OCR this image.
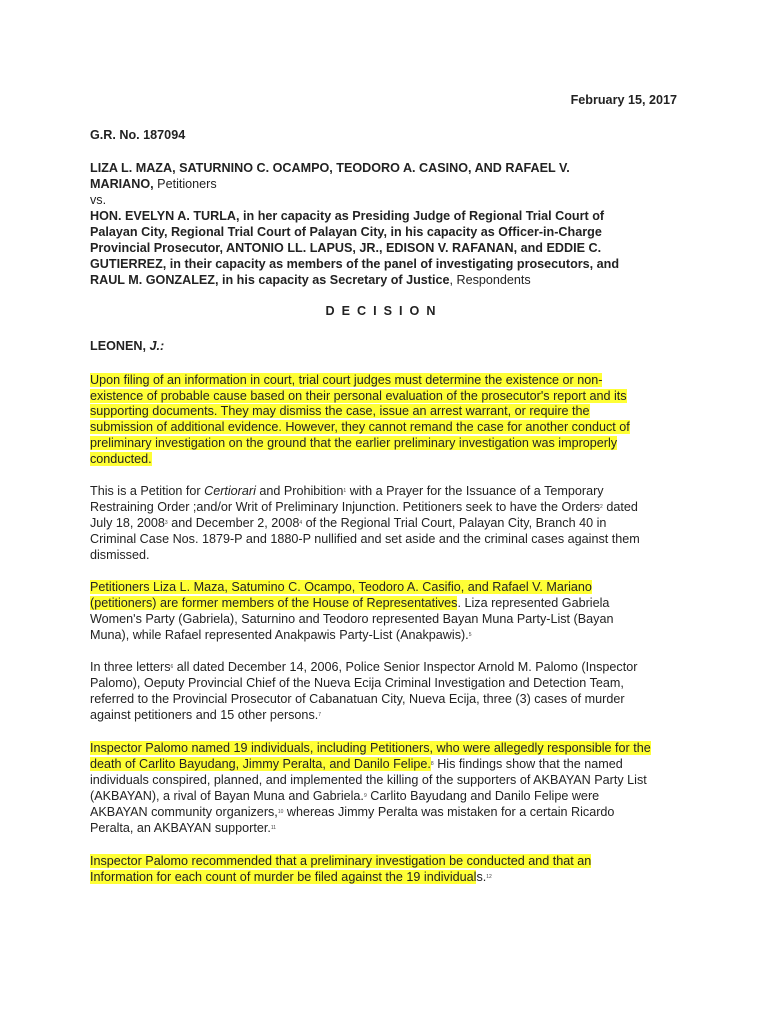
February 15, 2017
G.R. No. 187094
LIZA L. MAZA, SATURNINO C. OCAMPO, TEODORO A. CASINO, AND RAFAEL V.
MARIANO, Petitioners
vs.
HON. EVELYN A. TURLA, in her capacity as Presiding Judge of Regional Trial Court of
Palayan City, Regional Trial Court of Palayan City, in his capacity as Officer-in-Charge
Provincial Prosecutor, ANTONIO LL. LAPUS, JR., EDISON V. RAFANAN, and EDDIE C.
GUTIERREZ, in their capacity as members of the panel of investigating prosecutors, and
RAUL M. GONZALEZ, in his capacity as Secretary of Justice, Respondents
DECISION
LEONEN, J.:
Upon filing of an information in court, trial court judges must determine the existence or non-
existence of probable cause based on their personal evaluation of the prosecutor's report and its
supporting documents. They may dismiss the case, issue an arrest warrant, or require the
submission of additional evidence. However, they cannot remand the case for another conduct of
preliminary investigation on the ground that the earlier preliminary investigation was improperly
conducted.
This is a Petition for Certiorari and Prohibition$^1$ with a Prayer for the Issuance of a Temporary
Restraining Order ;and/or Writ of Preliminary Injunction. Petitioners seek to have the Orders$^2$ dated
July 18, 2008$^3$ and December 2, 2008$^4$ of the Regional Trial Court, Palayan City, Branch 40 in
Criminal Case Nos. 1879-P and 1880-P nullified and set aside and the criminal cases against them
dismissed.
Petitioners Liza L. Maza, Satumino C. Ocampo, Teodoro A. Casifio, and Rafael V. Mariano
(petitioners) are former members of the House of Representatives. Liza represented Gabriela
Women's Party (Gabriela), Saturnino and Teodoro represented Bayan Muna Party-List (Bayan
Muna), while Rafael represented Anakpawis Party-List (Anakpawis).$^5$
In three letters$^6$ all dated December 14, 2006, Police Senior Inspector Arnold M. Palomo (Inspector
Palomo), Oeputy Provincial Chief of the Nueva Ecija Criminal Investigation and Detection Team,
referred to the Provincial Prosecutor of Cabanatuan City, Nueva Ecija, three (3) cases of murder
against petitioners and 15 other persons.$^7$
Inspector Palomo named 19 individuals, including Petitioners, who were allegedly responsible for the
death of Carlito Bayudang, Jimmy Peralta, and Danilo Felipe.$^8$ His findings show that the named
individuals conspired, planned, and implemented the killing of the supporters of AKBAYAN Party List
(AKBAYAN), a rival of Bayan Muna and Gabriela.$^9$ Carlito Bayudang and Danilo Felipe were
AKBAYAN community organizers,$^{10}$ whereas Jimmy Peralta was mistaken for a certain Ricardo
Peralta, an AKBAYAN supporter.$^{11}$
Inspector Palomo recommended that a preliminary investigation be conducted and that an
Information for each count of murder be filed against the 19 individuals.$^{12}$
